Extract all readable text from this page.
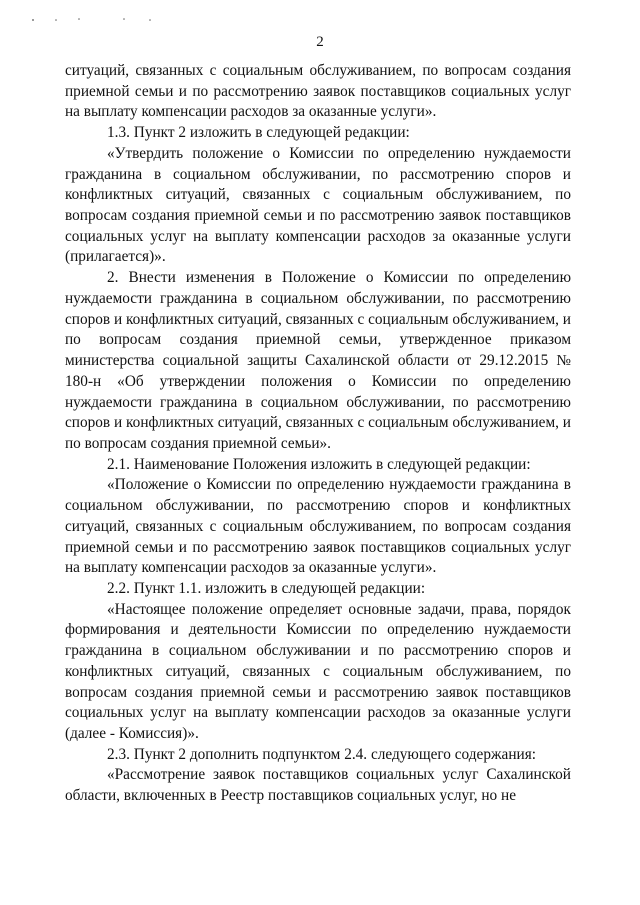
2

ситуаций, связанных с социальным обслуживанием, по вопросам создания приемной семьи и по рассмотрению заявок поставщиков социальных услуг на выплату компенсации расходов за оказанные услуги».

1.3. Пункт 2 изложить в следующей редакции:

«Утвердить положение о Комиссии по определению нуждаемости гражданина в социальном обслуживании, по рассмотрению споров и конфликтных ситуаций, связанных с социальным обслуживанием, по вопросам создания приемной семьи и по рассмотрению заявок поставщиков социальных услуг на выплату компенсации расходов за оказанные услуги (прилагается)».

2. Внести изменения в Положение о Комиссии по определению нуждаемости гражданина в социальном обслуживании, по рассмотрению споров и конфликтных ситуаций, связанных с социальным обслуживанием, и по вопросам создания приемной семьи, утвержденное приказом министерства социальной защиты Сахалинской области от 29.12.2015 № 180-н «Об утверждении положения о Комиссии по определению нуждаемости гражданина в социальном обслуживании, по рассмотрению споров и конфликтных ситуаций, связанных с социальным обслуживанием, и по вопросам создания приемной семьи».

2.1. Наименование Положения изложить в следующей редакции:

«Положение о Комиссии по определению нуждаемости гражданина в социальном обслуживании, по рассмотрению споров и конфликтных ситуаций, связанных с социальным обслуживанием, по вопросам создания приемной семьи и по рассмотрению заявок поставщиков социальных услуг на выплату компенсации расходов за оказанные услуги».

2.2. Пункт 1.1. изложить в следующей редакции:

«Настоящее положение определяет основные задачи, права, порядок формирования и деятельности Комиссии по определению нуждаемости гражданина в социальном обслуживании и по рассмотрению споров и конфликтных ситуаций, связанных с социальным обслуживанием, по вопросам создания приемной семьи и рассмотрению заявок поставщиков социальных услуг на выплату компенсации расходов за оказанные услуги (далее - Комиссия)».

2.3. Пункт 2 дополнить подпунктом 2.4. следующего содержания:

«Рассмотрение заявок поставщиков социальных услуг Сахалинской области, включенных в Реестр поставщиков социальных услуг, но не
